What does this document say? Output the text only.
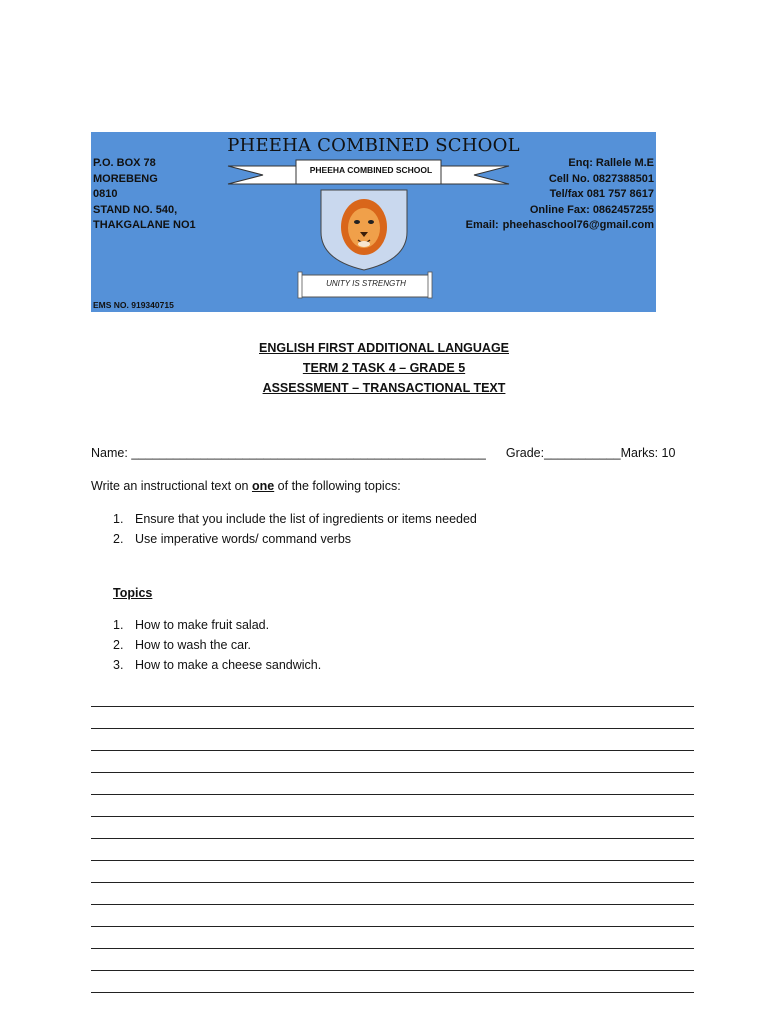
PHEEHA COMBINED SCHOOL
PHEEHA COMBINED SCHOOL
UNITY IS STRENGTH
P.O. BOX 78
MOREBENG
0810
STAND NO. 540,
THAKGALANE NO1
Enq: Rallele M.E
Cell No. 0827388501
Tel/fax 081 757 8617
Online Fax: 0862457255
Email: pheehaschool76@gmail.com
EMS NO. 919340715
ENGLISH FIRST ADDITIONAL LANGUAGE
TERM 2 TASK 4 – GRADE 5
ASSESSMENT – TRANSACTIONAL TEXT
Name: ___________________________________________________ Grade:___________Marks: 10
Write an instructional text on one of the following topics:
1. Ensure that you include the list of ingredients or items needed
2. Use imperative words/ command verbs
Topics
1. How to make fruit salad.
2. How to wash the car.
3. How to make a cheese sandwich.
